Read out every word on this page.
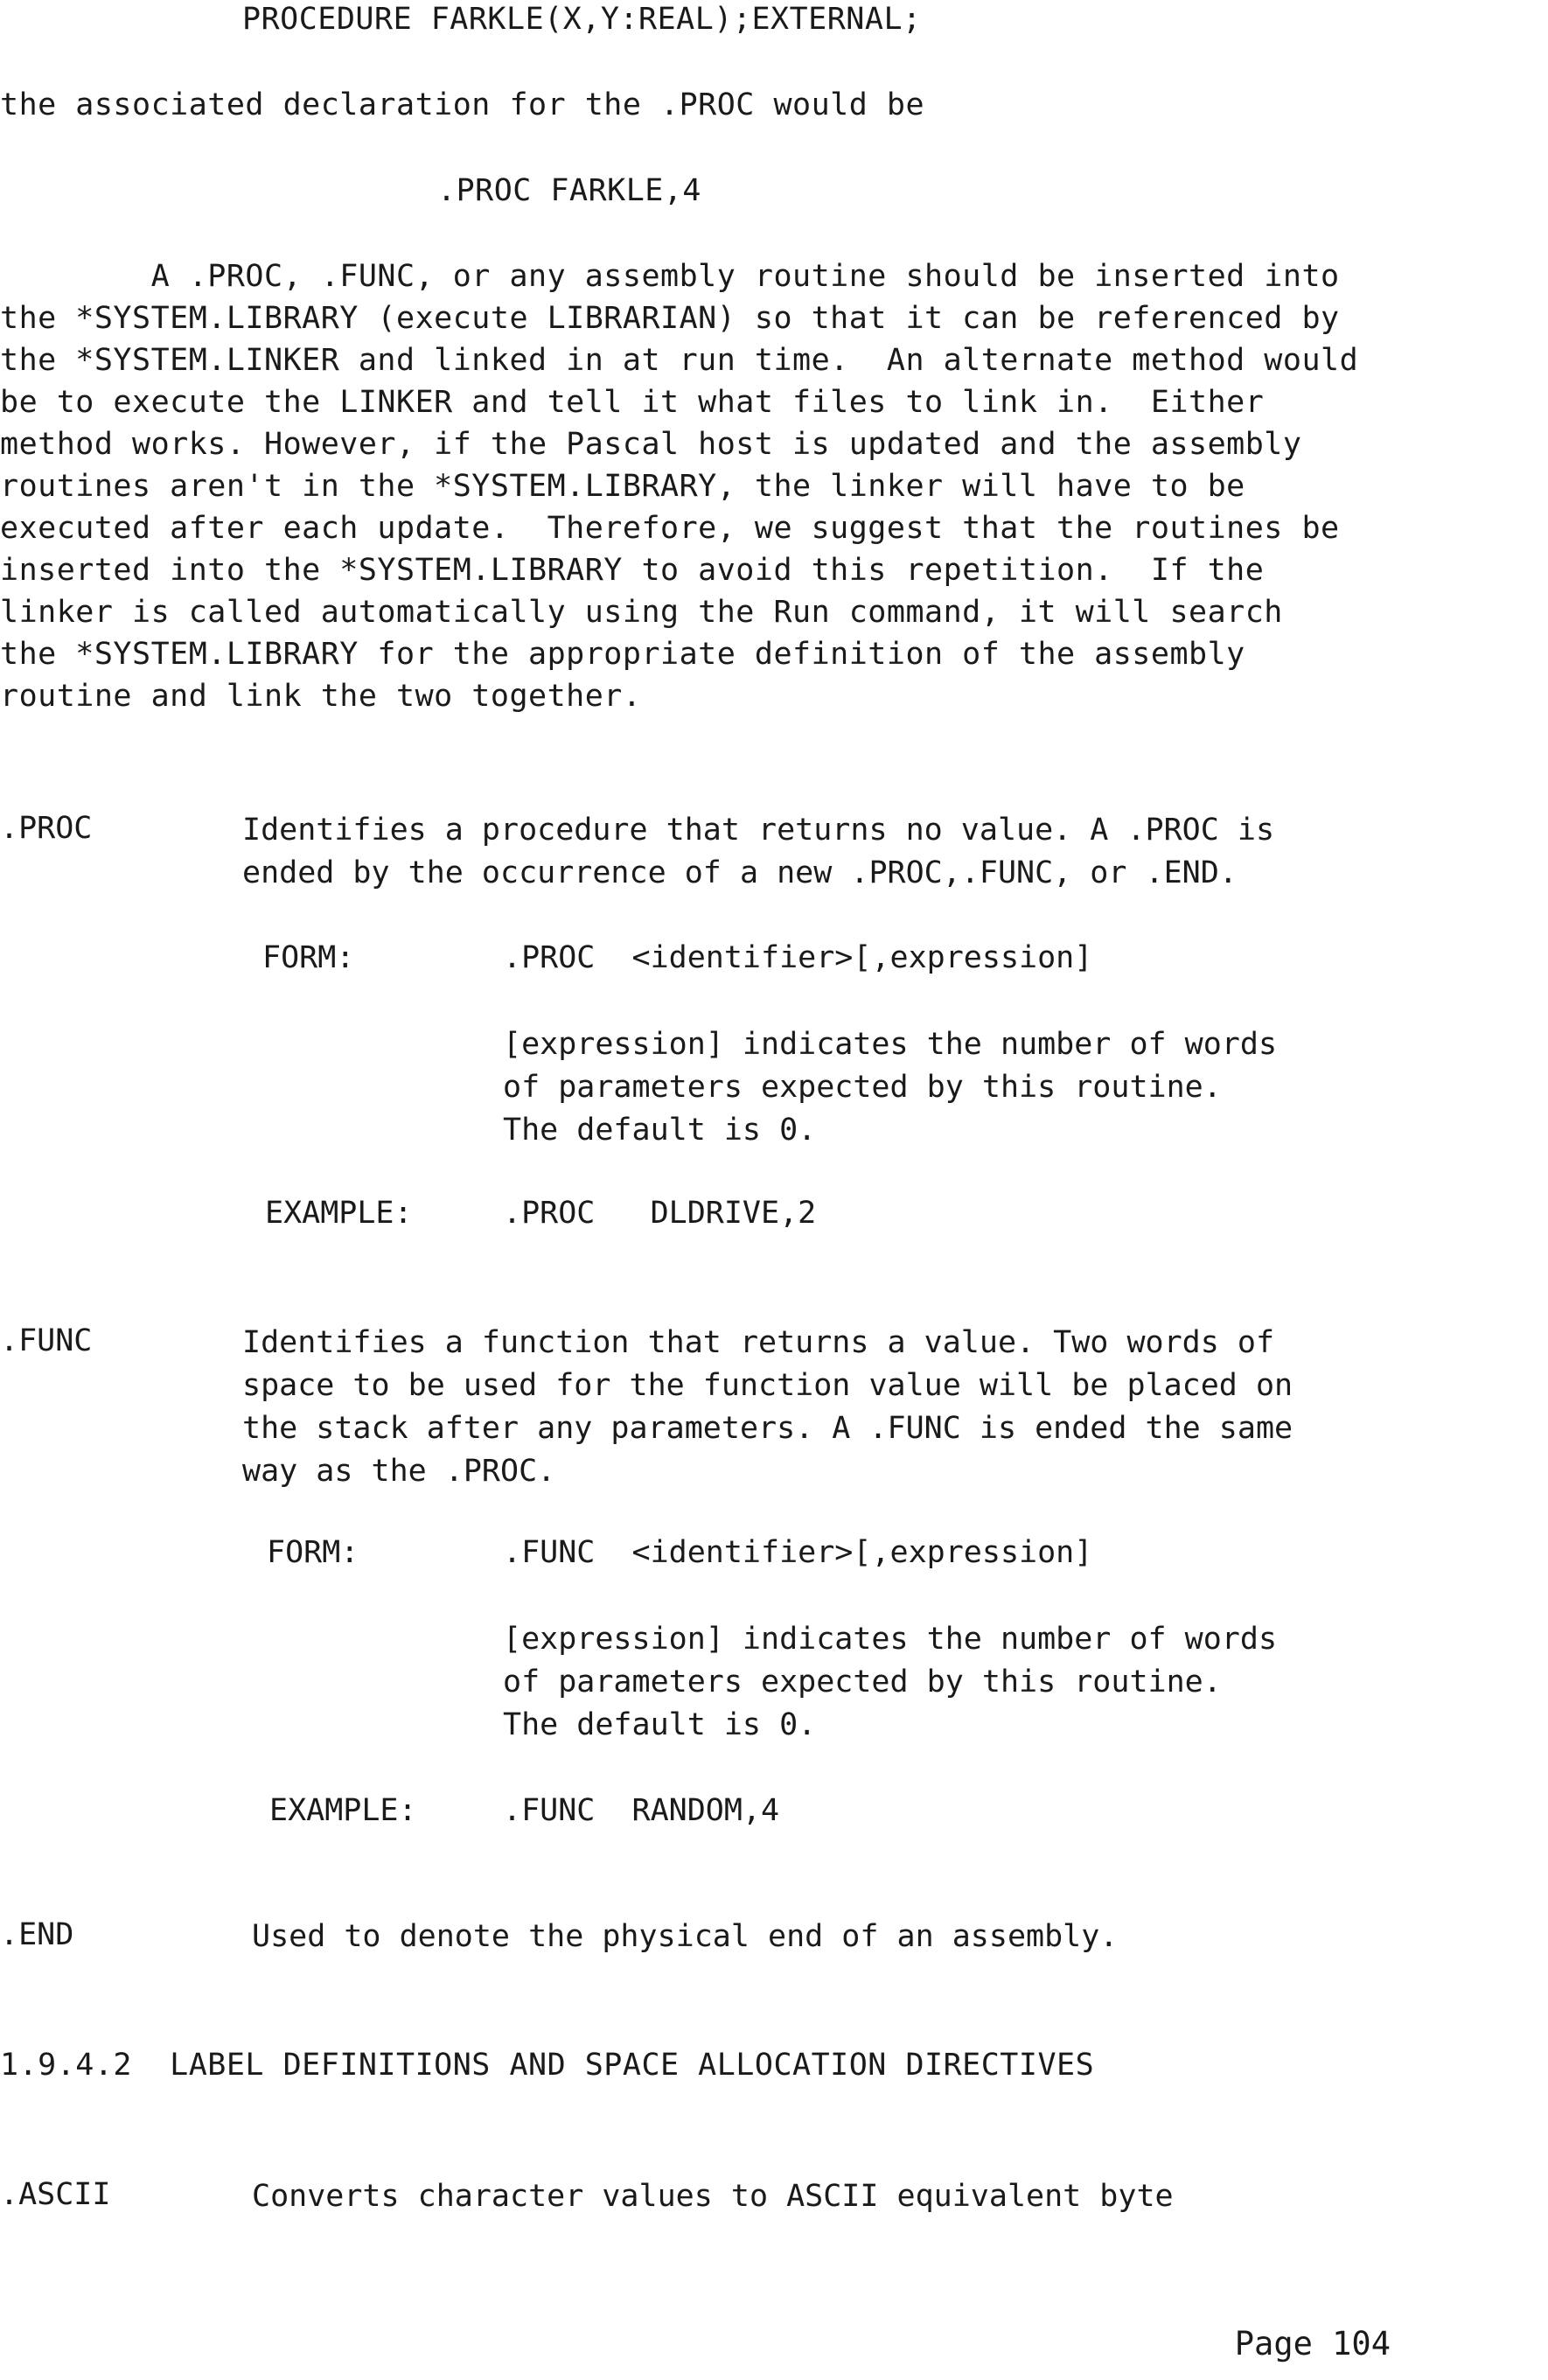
PROCEDURE FARKLE(X,Y:REAL);EXTERNAL;
the associated declaration for the .PROC would be
.PROC FARKLE,4
A .PROC, .FUNC, or any assembly routine should be inserted into
the *SYSTEM.LIBRARY (execute LIBRARIAN) so that it can be referenced by
the *SYSTEM.LINKER and linked in at run time.  An alternate method would
be to execute the LINKER and tell it what files to link in.  Either
method works. However, if the Pascal host is updated and the assembly
routines aren't in the *SYSTEM.LIBRARY, the linker will have to be
executed after each update.  Therefore, we suggest that the routines be
inserted into the *SYSTEM.LIBRARY to avoid this repetition.  If the
linker is called automatically using the Run command, it will search
the *SYSTEM.LIBRARY for the appropriate definition of the assembly
routine and link the two together.
.PROC	Identifies a procedure that returns no value. A .PROC is
ended by the occurrence of a new .PROC,.FUNC, or .END.
FORM:	.PROC  <identifier>[,expression]
[expression] indicates the number of words
of parameters expected by this routine.
The default is 0.
EXAMPLE:	.PROC   DLDRIVE,2
.FUNC	Identifies a function that returns a value. Two words of
space to be used for the function value will be placed on
the stack after any parameters. A .FUNC is ended the same
way as the .PROC.
FORM:	.FUNC  <identifier>[,expression]
[expression] indicates the number of words
of parameters expected by this routine.
The default is 0.
EXAMPLE:	.FUNC  RANDOM,4
.END	Used to denote the physical end of an assembly.
1.9.4.2  LABEL DEFINITIONS AND SPACE ALLOCATION DIRECTIVES
.ASCII	Converts character values to ASCII equivalent byte
Page 104
